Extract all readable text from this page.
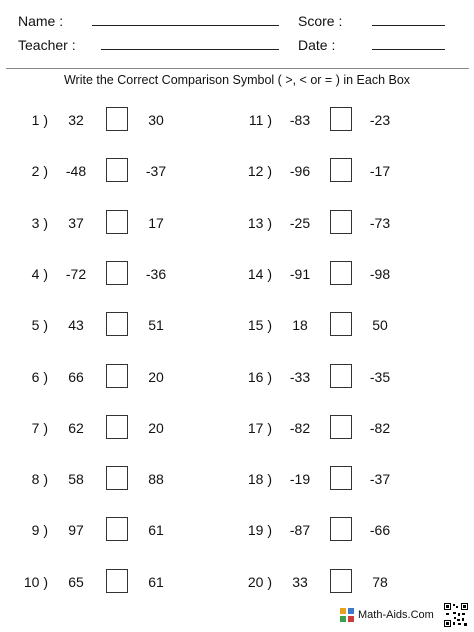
Name :	Score :
Teacher :	Date :
Write the Correct Comparison Symbol ( >, < or = ) in Each Box
1 )	32	30
2 )	-48	-37
3 )	37	17
4 )	-72	-36
5 )	43	51
6 )	66	20
7 )	62	20
8 )	58	88
9 )	97	61
10 )	65	61
11 )	-83	-23
12 )	-96	-17
13 )	-25	-73
14 )	-91	-98
15 )	18	50
16 )	-33	-35
17 )	-82	-82
18 )	-19	-37
19 )	-87	-66
20 )	33	78
Math-Aids.Com
